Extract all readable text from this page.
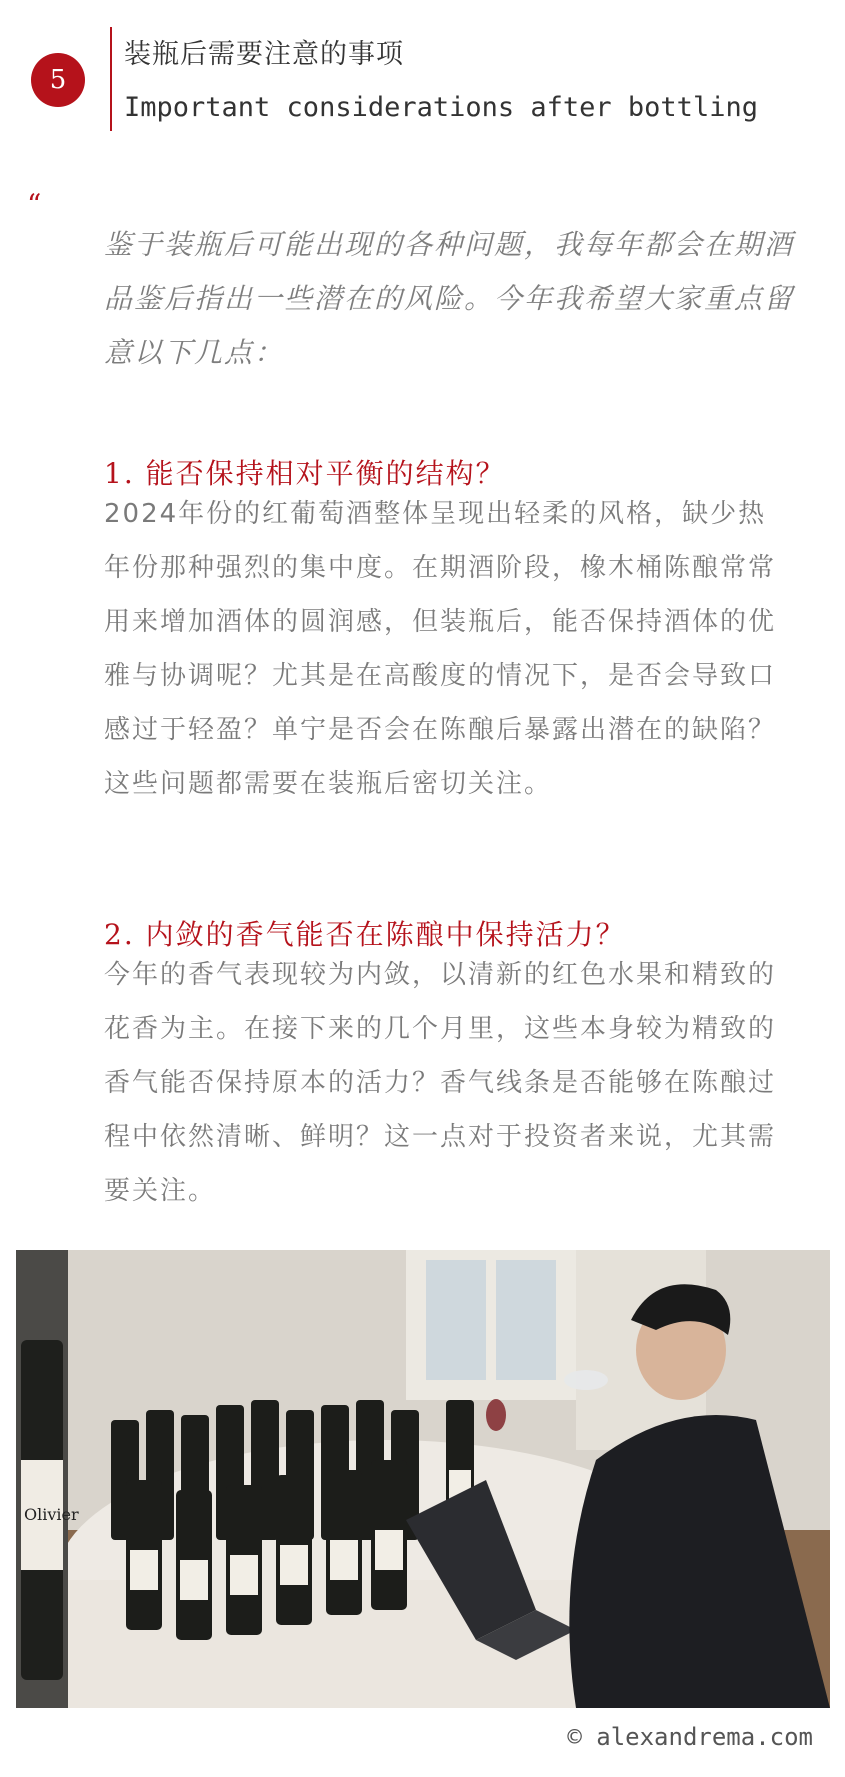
5
装瓶后需要注意的事项
Important considerations after bottling
“
鉴于装瓶后可能出现的各种问题，我每年都会在期酒品鉴后指出一些潜在的风险。今年我希望大家重点留意以下几点：
1. 能否保持相对平衡的结构？
2024年份的红葡萄酒整体呈现出轻柔的风格，缺少热年份那种强烈的集中度。在期酒阶段，橡木桶陈酿常常用来增加酒体的圆润感，但装瓶后，能否保持酒体的优雅与协调呢？尤其是在高酸度的情况下，是否会导致口感过于轻盈？单宁是否会在陈酿后暴露出潜在的缺陷？这些问题都需要在装瓶后密切关注。
2. 内敛的香气能否在陈酿中保持活力？
今年的香气表现较为内敛，以清新的红色水果和精致的花香为主。在接下来的几个月里，这些本身较为精致的香气能否保持原本的活力？香气线条是否能够在陈酿过程中依然清晰、鲜明？这一点对于投资者来说，尤其需要关注。
Olivier
© alexandrema.com
